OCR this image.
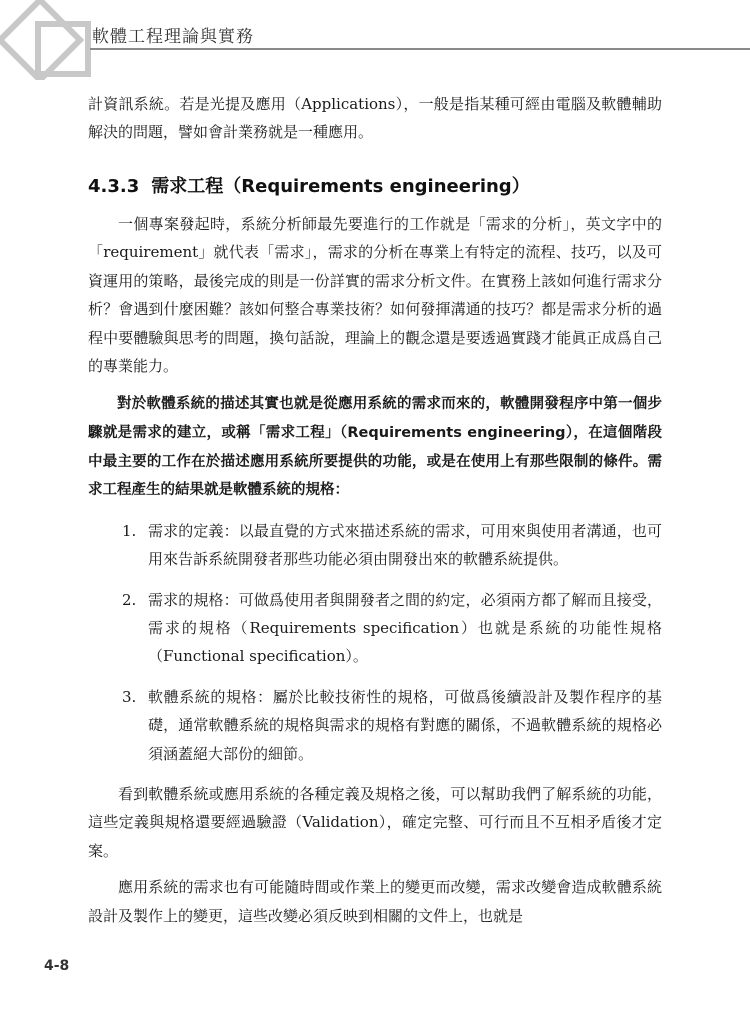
軟體工程理論與實務

計資訊系統。若是光提及應用（Applications），一般是指某種可經由電腦及軟體輔助解決的問題，譬如會計業務就是一種應用。

4.3.3 需求工程（Requirements engineering）

一個專案發起時，系統分析師最先要進行的工作就是「需求的分析」，英文字中的「requirement」就代表「需求」，需求的分析在專業上有特定的流程、技巧，以及可資運用的策略，最後完成的則是一份詳實的需求分析文件。在實務上該如何進行需求分析？會遇到什麼困難？該如何整合專業技術？如何發揮溝通的技巧？都是需求分析的過程中要體驗與思考的問題，換句話說，理論上的觀念還是要透過實踐才能眞正成爲自己的專業能力。

對於軟體系統的描述其實也就是從應用系統的需求而來的，軟體開發程序中第一個步驟就是需求的建立，或稱「需求工程」（Requirements engineering），在這個階段中最主要的工作在於描述應用系統所要提供的功能，或是在使用上有那些限制的條件。需求工程產生的結果就是軟體系統的規格：

1. 需求的定義：以最直覺的方式來描述系統的需求，可用來與使用者溝通，也可用來告訴系統開發者那些功能必須由開發出來的軟體系統提供。

2. 需求的規格：可做爲使用者與開發者之間的約定，必須兩方都了解而且接受，需求的規格（Requirements specification）也就是系統的功能性規格（Functional specification）。

3. 軟體系統的規格：屬於比較技術性的規格，可做爲後續設計及製作程序的基礎，通常軟體系統的規格與需求的規格有對應的關係，不過軟體系統的規格必須涵蓋絕大部份的細節。

看到軟體系統或應用系統的各種定義及規格之後，可以幫助我們了解系統的功能，這些定義與規格還要經過驗證（Validation），確定完整、可行而且不互相矛盾後才定案。

應用系統的需求也有可能隨時間或作業上的變更而改變，需求改變會造成軟體系統設計及製作上的變更，這些改變必須反映到相關的文件上，也就是

4-8
